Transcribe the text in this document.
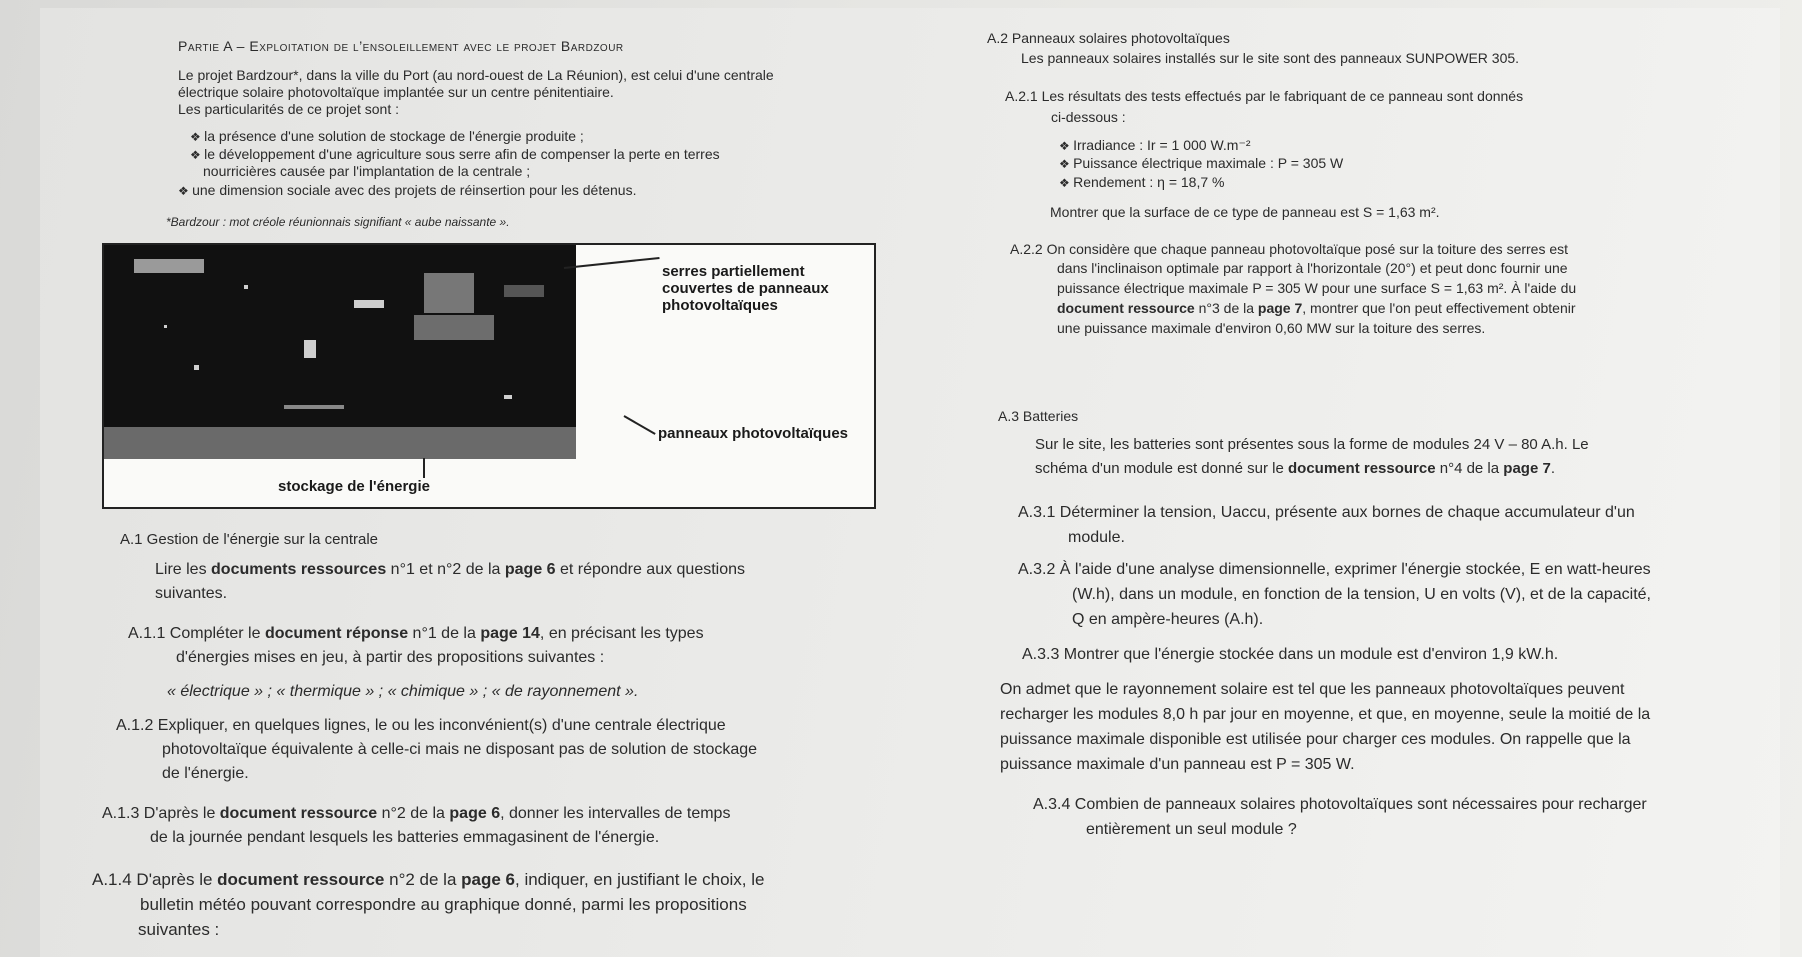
Partie A – Exploitation de l’ensoleillement avec le projet Bardzour
Le projet Bardzour*, dans la ville du Port (au nord-ouest de La Réunion), est celui d'une centrale
électrique solaire photovoltaïque implantée sur un centre pénitentiaire.
Les particularités de ce projet sont :
❖ la présence d'une solution de stockage de l'énergie produite ;
❖ le développement d'une agriculture sous serre afin de compenser la perte en terres
nourricières causée par l'implantation de la centrale ;
❖ une dimension sociale avec des projets de réinsertion pour les détenus.
*Bardzour : mot créole réunionnais signifiant « aube naissante ».
serres partiellement
couvertes de panneaux
photovoltaïques
panneaux photovoltaïques
stockage de l'énergie
A.1 Gestion de l'énergie sur la centrale
Lire les documents ressources n°1 et n°2 de la page 6 et répondre aux questions
suivantes.
A.1.1 Compléter le document réponse n°1 de la page 14, en précisant les types
d'énergies mises en jeu, à partir des propositions suivantes :
« électrique » ; « thermique » ; « chimique » ; « de rayonnement ».
A.1.2 Expliquer, en quelques lignes, le ou les inconvénient(s) d'une centrale électrique
photovoltaïque équivalente à celle-ci mais ne disposant pas de solution de stockage
de l'énergie.
A.1.3 D'après le document ressource n°2 de la page 6, donner les intervalles de temps
de la journée pendant lesquels les batteries emmagasinent de l'énergie.
A.1.4 D'après le document ressource n°2 de la page 6, indiquer, en justifiant le choix, le
bulletin météo pouvant correspondre au graphique donné, parmi les propositions
suivantes :
A.2 Panneaux solaires photovoltaïques
Les panneaux solaires installés sur le site sont des panneaux SUNPOWER 305.
A.2.1 Les résultats des tests effectués par le fabriquant de ce panneau sont donnés
ci-dessous :
❖ Irradiance : Ir = 1 000 W.m⁻²
❖ Puissance électrique maximale : P = 305 W
❖ Rendement : η = 18,7 %
Montrer que la surface de ce type de panneau est S = 1,63 m².
A.2.2 On considère que chaque panneau photovoltaïque posé sur la toiture des serres est
dans l'inclinaison optimale par rapport à l'horizontale (20°) et peut donc fournir une
puissance électrique maximale P = 305 W pour une surface S = 1,63 m². À l'aide du
document ressource n°3 de la page 7, montrer que l'on peut effectivement obtenir
une puissance maximale d'environ 0,60 MW sur la toiture des serres.
A.3 Batteries
Sur le site, les batteries sont présentes sous la forme de modules 24 V – 80 A.h. Le
schéma d'un module est donné sur le document ressource n°4 de la page 7.
A.3.1 Déterminer la tension, Uaccu, présente aux bornes de chaque accumulateur d'un
module.
A.3.2 À l'aide d'une analyse dimensionnelle, exprimer l'énergie stockée, E en watt-heures
(W.h), dans un module, en fonction de la tension, U en volts (V), et de la capacité,
Q en ampère-heures (A.h).
A.3.3 Montrer que l'énergie stockée dans un module est d'environ 1,9 kW.h.
On admet que le rayonnement solaire est tel que les panneaux photovoltaïques peuvent
recharger les modules 8,0 h par jour en moyenne, et que, en moyenne, seule la moitié de la
puissance maximale disponible est utilisée pour charger ces modules. On rappelle que la
puissance maximale d'un panneau est P = 305 W.
A.3.4 Combien de panneaux solaires photovoltaïques sont nécessaires pour recharger
entièrement un seul module ?
